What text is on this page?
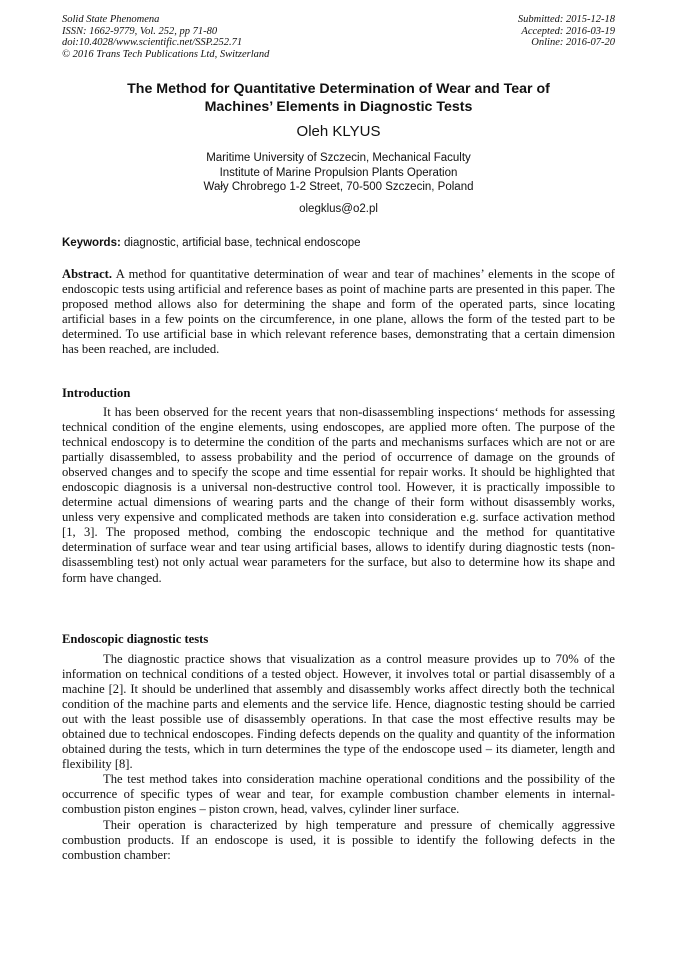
Solid State Phenomena
ISSN: 1662-9779, Vol. 252, pp 71-80
doi:10.4028/www.scientific.net/SSP.252.71
© 2016 Trans Tech Publications Ltd, Switzerland
Submitted: 2015-12-18
Accepted: 2016-03-19
Online: 2016-07-20
The Method for Quantitative Determination of Wear and Tear of
Machines’ Elements in Diagnostic Tests
Oleh KLYUS
Maritime University of Szczecin, Mechanical Faculty
Institute of Marine Propulsion Plants Operation
Wały Chrobrego 1-2 Street, 70-500 Szczecin, Poland
olegklus@o2.pl
Keywords: diagnostic, artificial base, technical endoscope
Abstract. A method for quantitative determination of wear and tear of machines’ elements in the scope of endoscopic tests using artificial and reference bases as point of machine parts are presented in this paper. The proposed method allows also for determining the shape and form of the operated parts, since locating artificial bases in a few points on the circumference, in one plane, allows the form of the tested part to be determined. To use artificial base in which relevant reference bases, demonstrating that a certain dimension has been reached, are included.
Introduction

It has been observed for the recent years that non-disassembling inspections‘ methods for assessing technical condition of the engine elements, using endoscopes, are applied more often. The purpose of the technical endoscopy is to determine the condition of the parts and mechanisms surfaces which are not or are partially disassembled, to assess probability and the period of occurrence of damage on the grounds of observed changes and to specify the scope and time essential for repair works. It should be highlighted that endoscopic diagnosis is a universal non-destructive control tool. However, it is practically impossible to determine actual dimensions of wearing parts and the change of their form without disassembly works, unless very expensive and complicated methods are taken into consideration e.g. surface activation method [1, 3]. The proposed method, combing the endoscopic technique and the method for quantitative determination of surface wear and tear using artificial bases, allows to identify during diagnostic tests (non-disassembling test) not only actual wear parameters for the surface, but also to determine how its shape and form have changed.

Endoscopic diagnostic tests

The diagnostic practice shows that visualization as a control measure provides up to 70% of the information on technical conditions of a tested object. However, it involves total or partial disassembly of a machine [2]. It should be underlined that assembly and disassembly works affect directly both the technical condition of the machine parts and elements and the service life. Hence, diagnostic testing should be carried out with the least possible use of disassembly operations. In that case the most effective results may be obtained due to technical endoscopes. Finding defects depends on the quality and quantity of the information obtained during the tests, which in turn determines the type of the endoscope used – its diameter, length and flexibility [8].

The test method takes into consideration machine operational conditions and the possibility of the occurrence of specific types of wear and tear, for example combustion chamber elements in internal-combustion piston engines – piston crown, head, valves, cylinder liner surface.

Their operation is characterized by high temperature and pressure of chemically aggressive combustion products. If an endoscope is used, it is possible to identify the following defects in the combustion chamber:
